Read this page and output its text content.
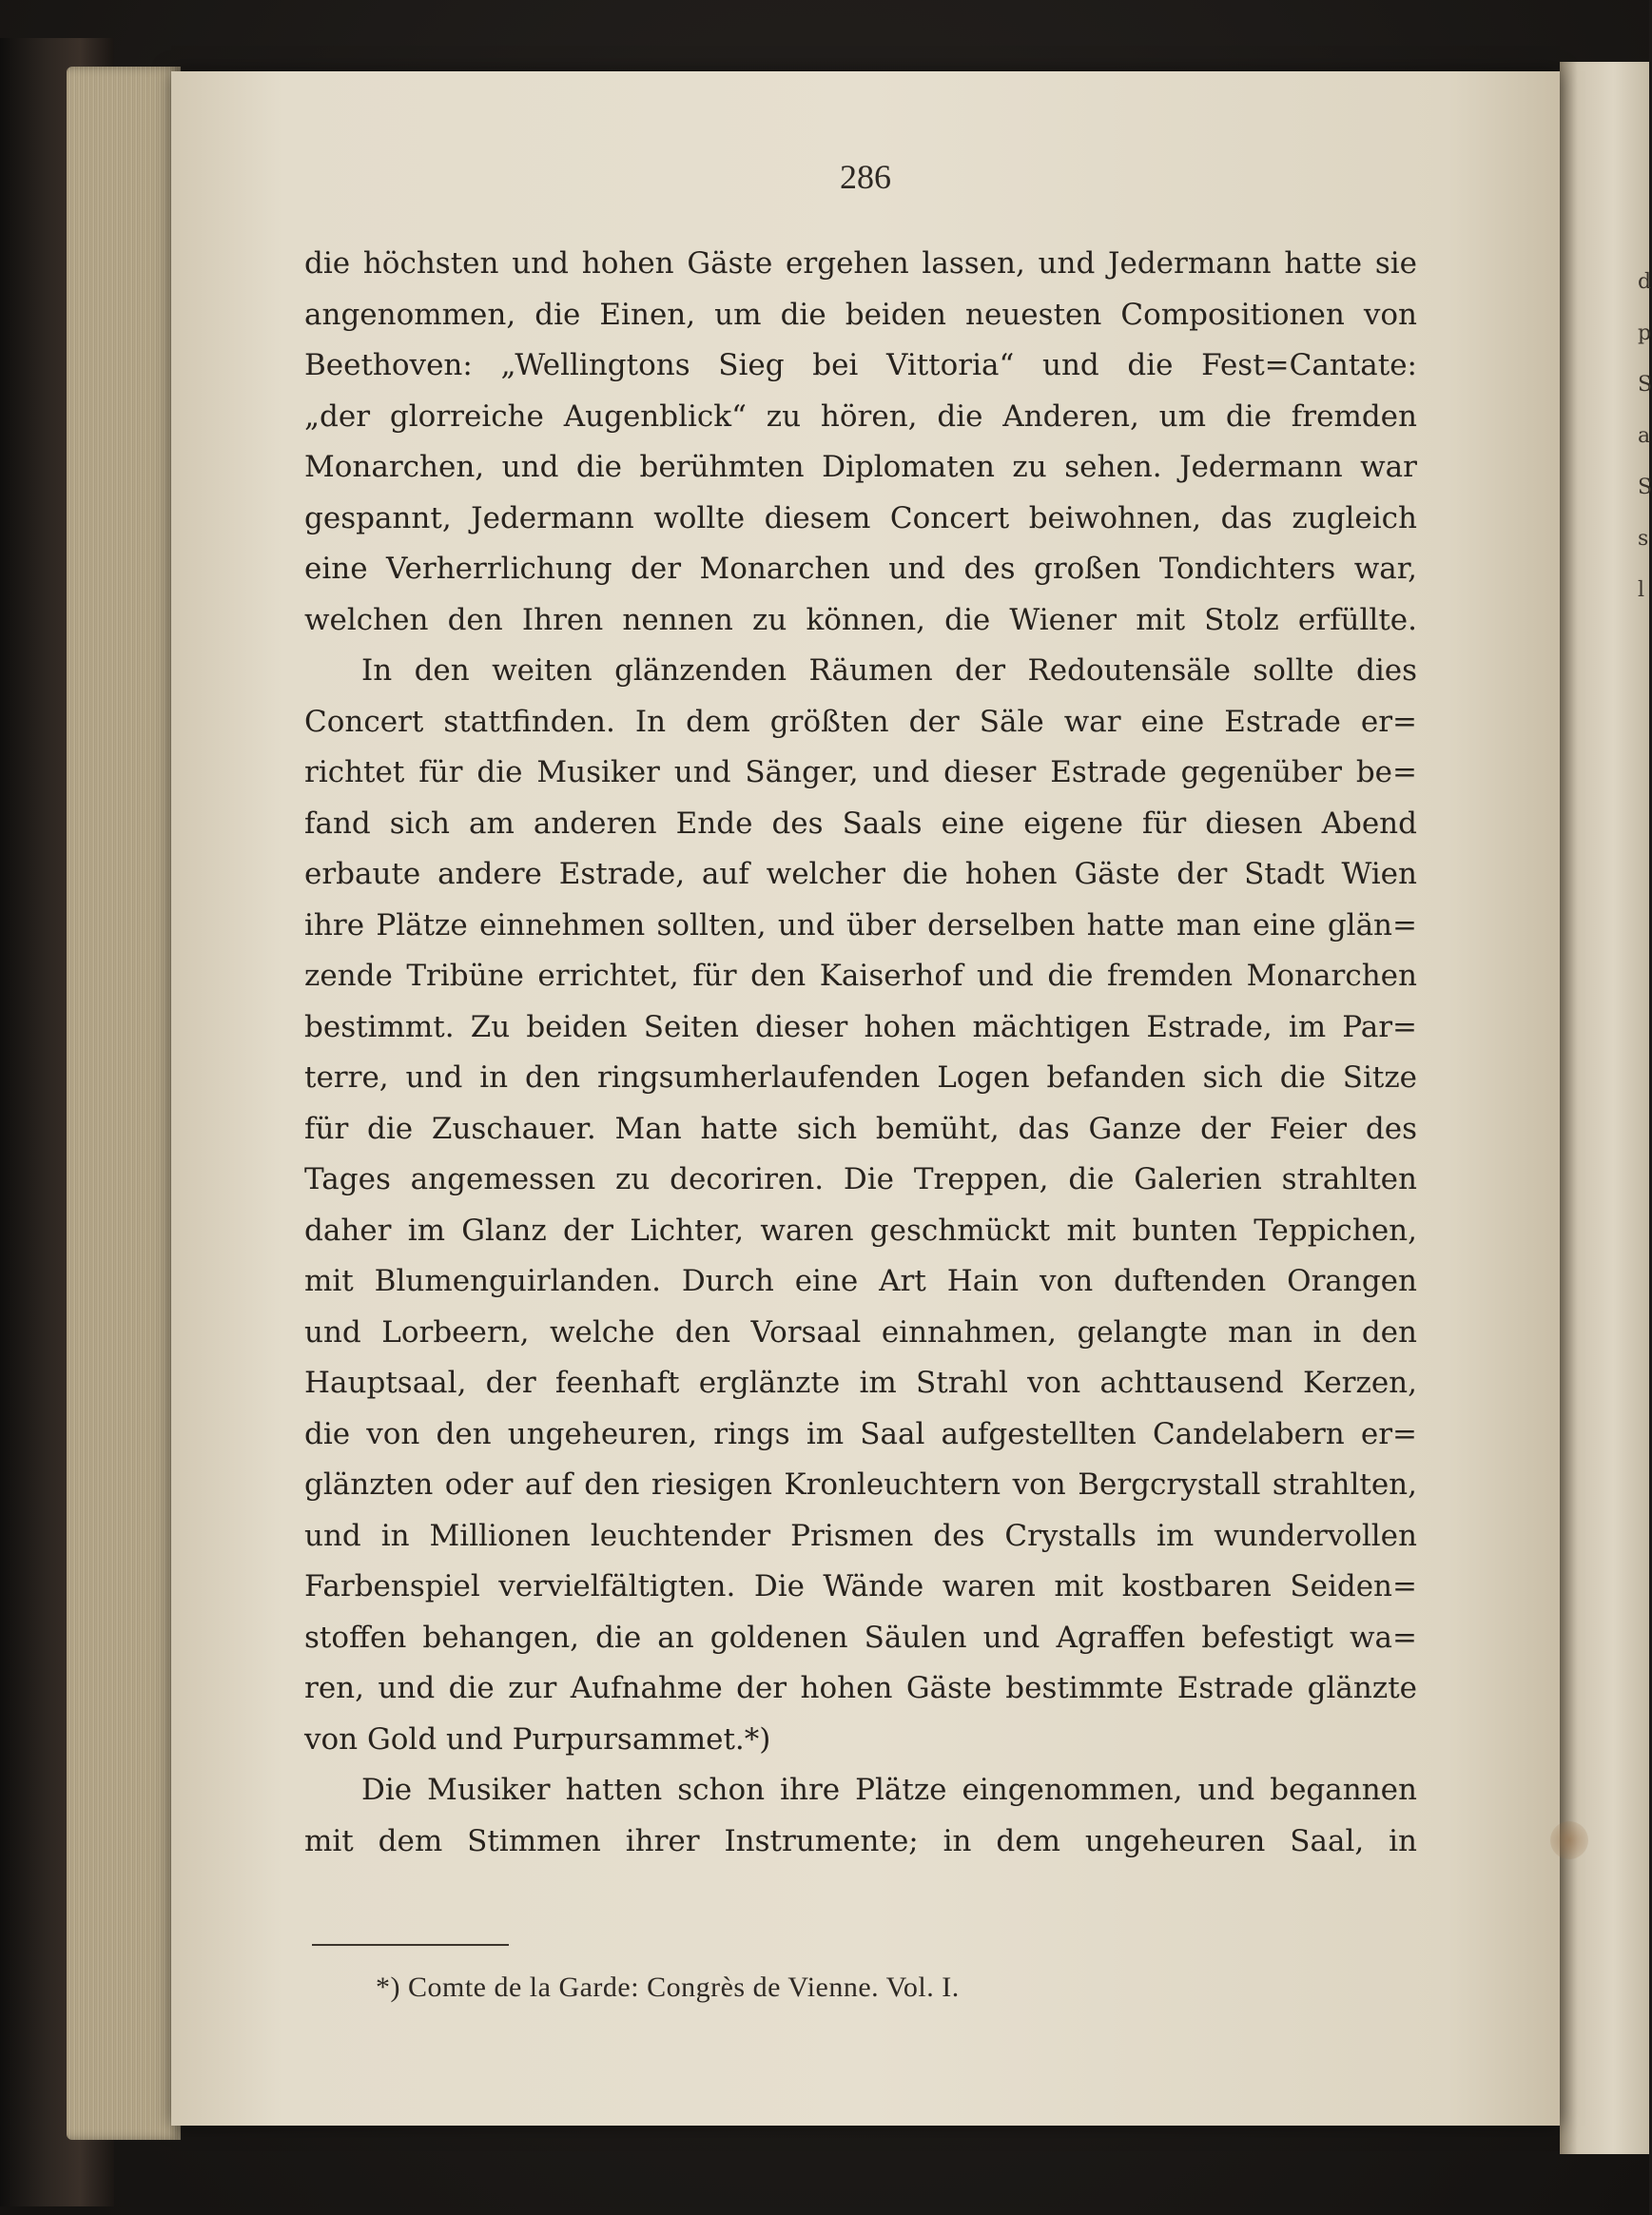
d
p
S
a
S
s
l
286
die höchsten und hohen Gäste ergehen lassen, und Jedermann hatte sie
angenommen, die Einen, um die beiden neuesten Compositionen von
Beethoven: „Wellingtons Sieg bei Vittoria“ und die Fest=Cantate:
„der glorreiche Augenblick“ zu hören, die Anderen, um die fremden
Monarchen, und die berühmten Diplomaten zu sehen. Jedermann war
gespannt, Jedermann wollte diesem Concert beiwohnen, das zugleich
eine Verherrlichung der Monarchen und des großen Tondichters war,
welchen den Ihren nennen zu können, die Wiener mit Stolz erfüllte.
In den weiten glänzenden Räumen der Redoutensäle sollte dies
Concert stattfinden. In dem größten der Säle war eine Estrade er=
richtet für die Musiker und Sänger, und dieser Estrade gegenüber be=
fand sich am anderen Ende des Saals eine eigene für diesen Abend
erbaute andere Estrade, auf welcher die hohen Gäste der Stadt Wien
ihre Plätze einnehmen sollten, und über derselben hatte man eine glän=
zende Tribüne errichtet, für den Kaiserhof und die fremden Monarchen
bestimmt. Zu beiden Seiten dieser hohen mächtigen Estrade, im Par=
terre, und in den ringsumherlaufenden Logen befanden sich die Sitze
für die Zuschauer. Man hatte sich bemüht, das Ganze der Feier des
Tages angemessen zu decoriren. Die Treppen, die Galerien strahlten
daher im Glanz der Lichter, waren geschmückt mit bunten Teppichen,
mit Blumenguirlanden. Durch eine Art Hain von duftenden Orangen
und Lorbeern, welche den Vorsaal einnahmen, gelangte man in den
Hauptsaal, der feenhaft erglänzte im Strahl von achttausend Kerzen,
die von den ungeheuren, rings im Saal aufgestellten Candelabern er=
glänzten oder auf den riesigen Kronleuchtern von Bergcrystall strahlten,
und in Millionen leuchtender Prismen des Crystalls im wundervollen
Farbenspiel vervielfältigten. Die Wände waren mit kostbaren Seiden=
stoffen behangen, die an goldenen Säulen und Agraffen befestigt wa=
ren, und die zur Aufnahme der hohen Gäste bestimmte Estrade glänzte
von Gold und Purpursammet.*)
Die Musiker hatten schon ihre Plätze eingenommen, und begannen
mit dem Stimmen ihrer Instrumente; in dem ungeheuren Saal, in
*) Comte de la Garde: Congrès de Vienne. Vol. I.
